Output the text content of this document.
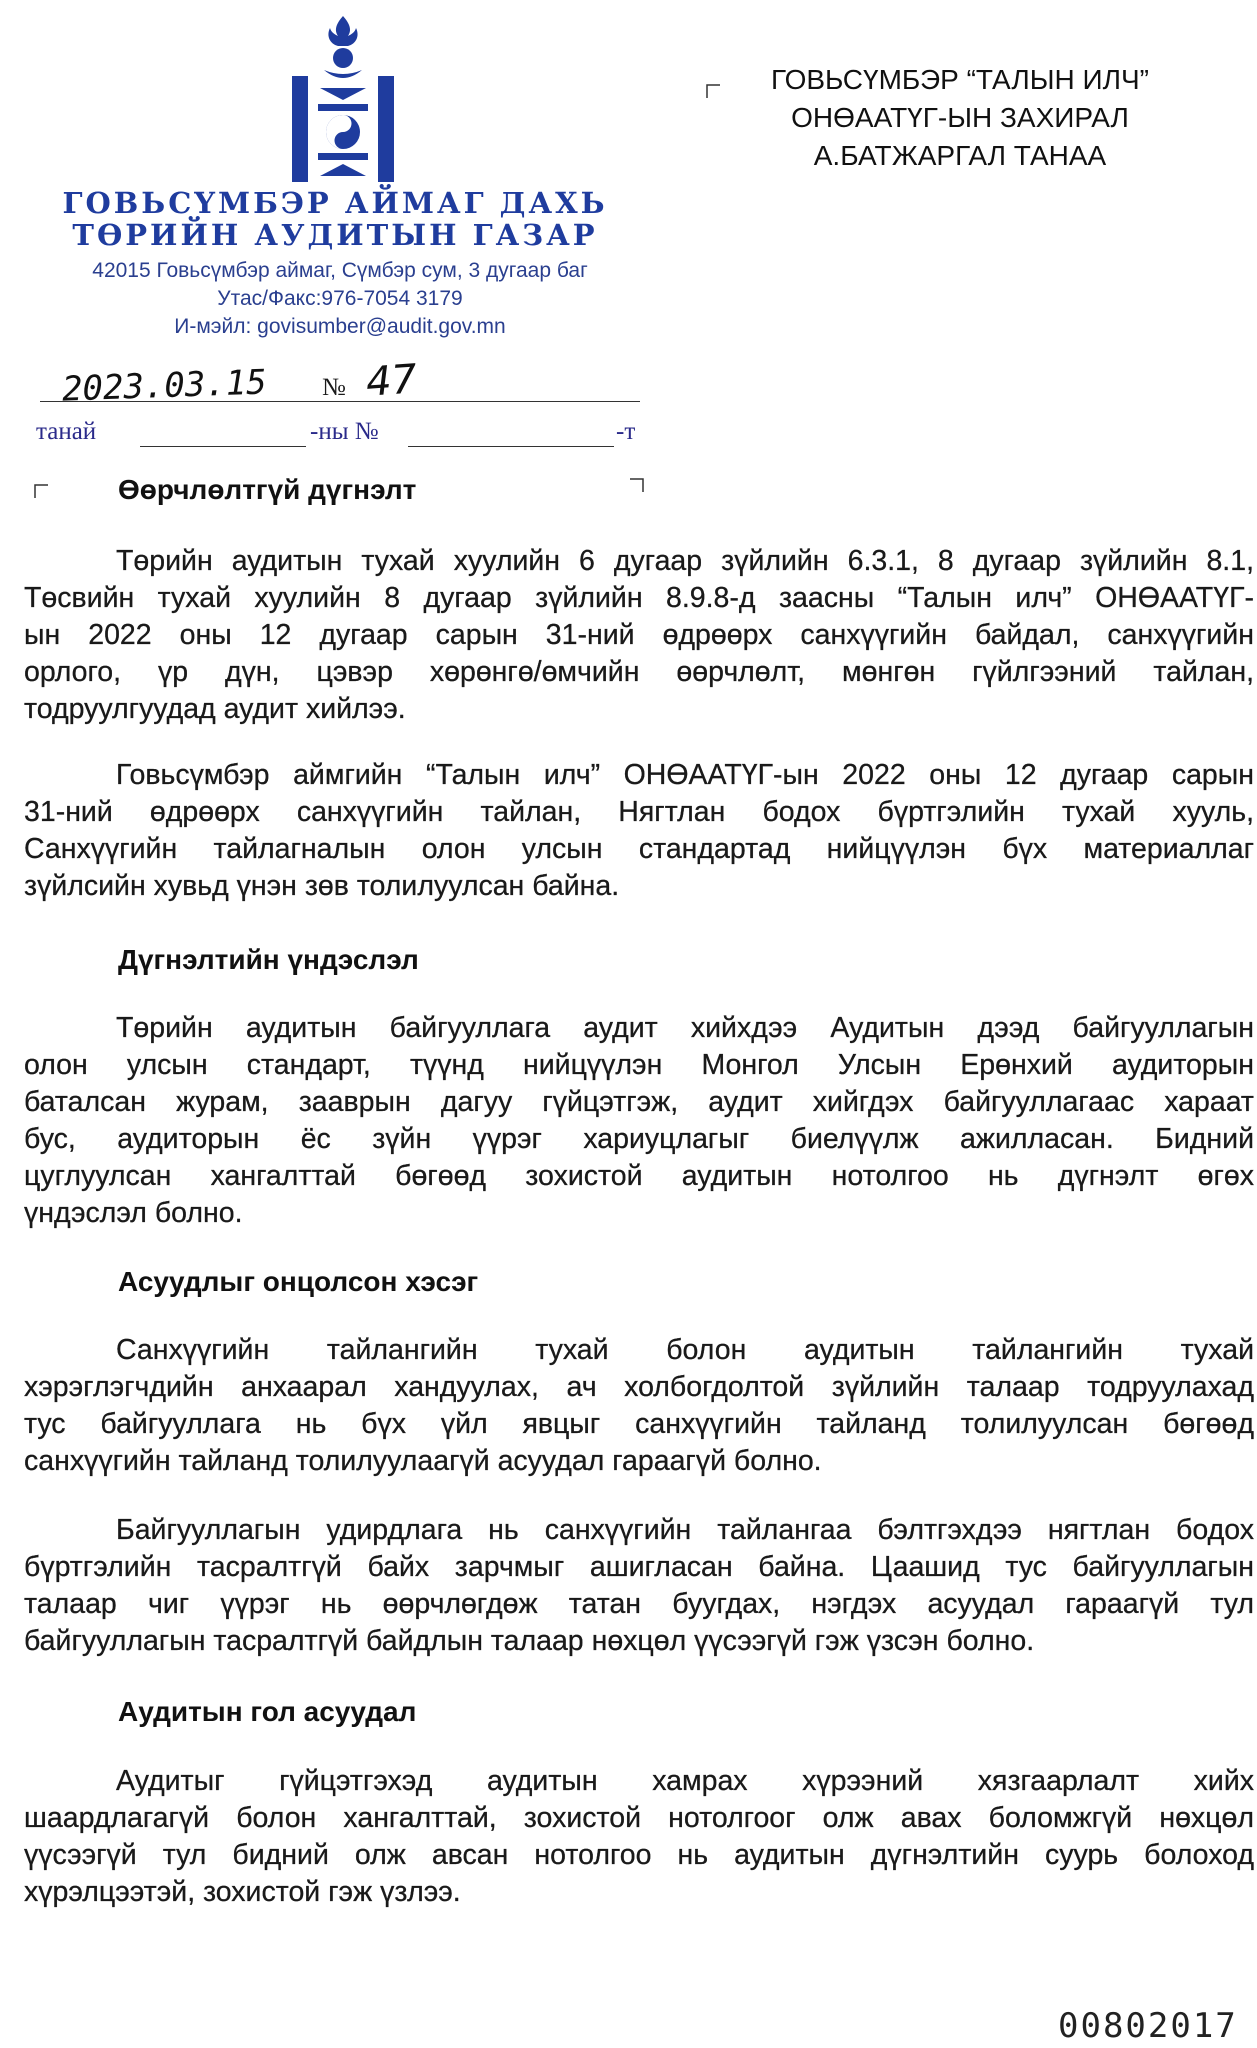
ГОВЬСҮМБЭР АЙМАГ ДАХЬ
ТӨРИЙН АУДИТЫН ГАЗАР
42015 Говьсүмбэр аймаг, Сүмбэр сум, 3 дугаар баг
Утас/Факс:976-7054 3179
И-мэйл: govisumber@audit.gov.mn
ГОВЬСҮМБЭР “ТАЛЫН ИЛЧ”
ОНӨААТҮГ-ЫН ЗАХИРАЛ
А.БАТЖАРГАЛ ТАНАА
2023.03.15 № 47
танай	-ны №	-т
Өөрчлөлтгүй дүгнэлт
Төрийн аудитын тухай хуулийн 6 дугаар зүйлийн 6.3.1, 8 дугаар зүйлийн 8.1,
Төсвийн тухай хуулийн 8 дугаар зүйлийн 8.9.8-д заасны “Талын илч” ОНӨААТҮГ-
ын 2022 оны 12 дугаар сарын 31-ний өдрөөрх санхүүгийн байдал, санхүүгийн
орлого, үр дүн, цэвэр хөрөнгө/өмчийн өөрчлөлт, мөнгөн гүйлгээний тайлан,
тодруулгуудад аудит хийлээ.
Говьсүмбэр аймгийн “Талын илч” ОНӨААТҮГ-ын 2022 оны 12 дугаар сарын
31-ний өдрөөрх санхүүгийн тайлан, Нягтлан бодох бүртгэлийн тухай хууль,
Санхүүгийн тайлагналын олон улсын стандартад нийцүүлэн бүх материаллаг
зүйлсийн хувьд үнэн зөв толилуулсан байна.
Дүгнэлтийн үндэслэл
Төрийн аудитын байгууллага аудит хийхдээ Аудитын дээд байгууллагын
олон улсын стандарт, түүнд нийцүүлэн Монгол Улсын Ерөнхий аудиторын
баталсан журам, зааврын дагуу гүйцэтгэж, аудит хийгдэх байгууллагаас хараат
бус, аудиторын ёс зүйн үүрэг хариуцлагыг биелүүлж ажилласан. Бидний
цуглуулсан хангалттай бөгөөд зохистой аудитын нотолгоо нь дүгнэлт өгөх
үндэслэл болно.
Асуудлыг онцолсон хэсэг
Санхүүгийн тайлангийн тухай болон аудитын тайлангийн тухай
хэрэглэгчдийн анхаарал хандуулах, ач холбогдолтой зүйлийн талаар тодруулахад
тус байгууллага нь бүх үйл явцыг санхүүгийн тайланд толилуулсан бөгөөд
санхүүгийн тайланд толилуулаагүй асуудал гараагүй болно.
Байгууллагын удирдлага нь санхүүгийн тайлангаа бэлтгэхдээ нягтлан бодох
бүртгэлийн тасралтгүй байх зарчмыг ашигласан байна. Цаашид тус байгууллагын
талаар чиг үүрэг нь өөрчлөгдөж татан буугдах, нэгдэх асуудал гараагүй тул
байгууллагын тасралтгүй байдлын талаар нөхцөл үүсээгүй гэж үзсэн болно.
Аудитын гол асуудал
Аудитыг гүйцэтгэхэд аудитын хамрах хүрээний хязгаарлалт хийх
шаардлагагүй болон хангалттай, зохистой нотолгоог олж авах боломжгүй нөхцөл
үүсээгүй тул бидний олж авсан нотолгоо нь аудитын дүгнэлтийн суурь болоход
хүрэлцээтэй, зохистой гэж үзлээ.
00802017
